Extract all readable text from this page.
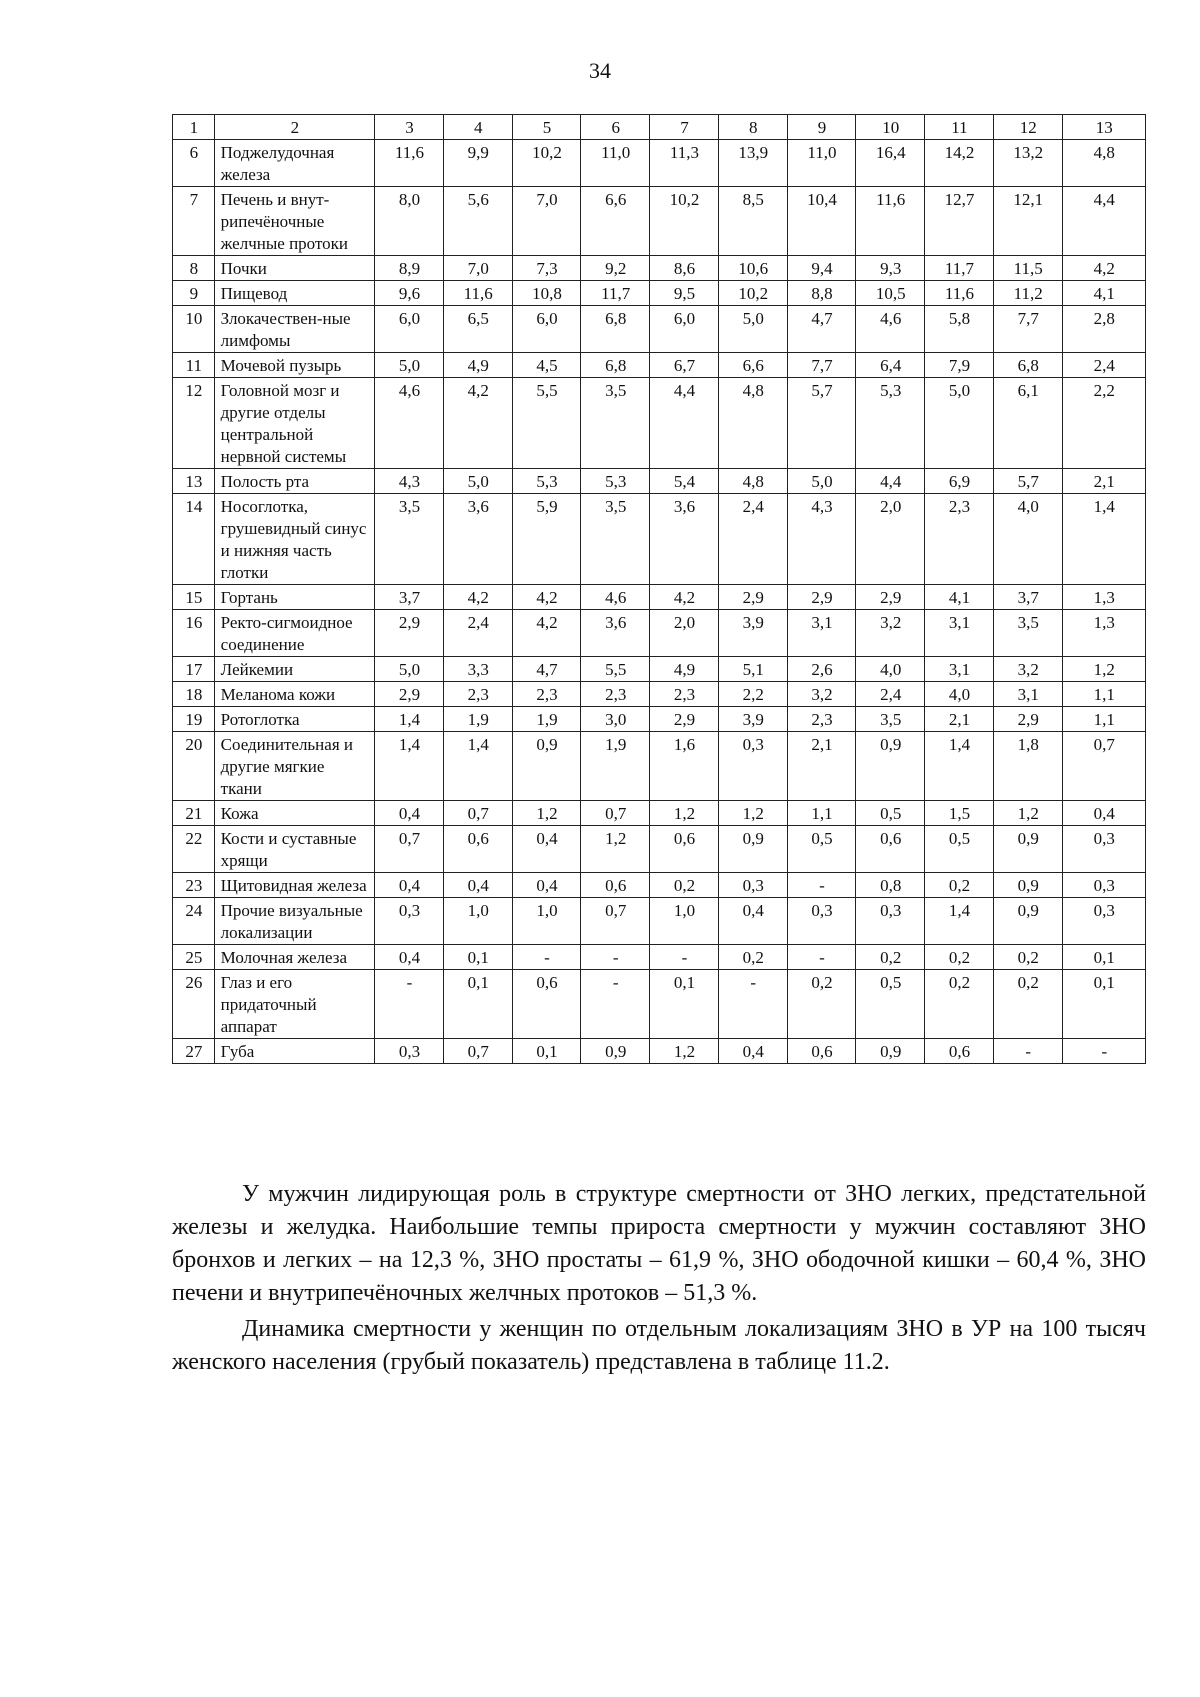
34
1	2	3	4	5	6	7	8	9	10	11	12	13
6	Поджелудочная железа	11,6	9,9	10,2	11,0	11,3	13,9	11,0	16,4	14,2	13,2	4,8
7	Печень и внут-рипечёночные желчные протоки	8,0	5,6	7,0	6,6	10,2	8,5	10,4	11,6	12,7	12,1	4,4
8	Почки	8,9	7,0	7,3	9,2	8,6	10,6	9,4	9,3	11,7	11,5	4,2
9	Пищевод	9,6	11,6	10,8	11,7	9,5	10,2	8,8	10,5	11,6	11,2	4,1
10	Злокачествен-ные лимфомы	6,0	6,5	6,0	6,8	6,0	5,0	4,7	4,6	5,8	7,7	2,8
11	Мочевой пузырь	5,0	4,9	4,5	6,8	6,7	6,6	7,7	6,4	7,9	6,8	2,4
12	Головной мозг и другие отделы центральной нервной системы	4,6	4,2	5,5	3,5	4,4	4,8	5,7	5,3	5,0	6,1	2,2
13	Полость рта	4,3	5,0	5,3	5,3	5,4	4,8	5,0	4,4	6,9	5,7	2,1
14	Носоглотка, грушевидный синус и нижняя часть глотки	3,5	3,6	5,9	3,5	3,6	2,4	4,3	2,0	2,3	4,0	1,4
15	Гортань	3,7	4,2	4,2	4,6	4,2	2,9	2,9	2,9	4,1	3,7	1,3
16	Ректо-сигмоидное соединение	2,9	2,4	4,2	3,6	2,0	3,9	3,1	3,2	3,1	3,5	1,3
17	Лейкемии	5,0	3,3	4,7	5,5	4,9	5,1	2,6	4,0	3,1	3,2	1,2
18	Меланома кожи	2,9	2,3	2,3	2,3	2,3	2,2	3,2	2,4	4,0	3,1	1,1
19	Ротоглотка	1,4	1,9	1,9	3,0	2,9	3,9	2,3	3,5	2,1	2,9	1,1
20	Соединительная и другие мягкие ткани	1,4	1,4	0,9	1,9	1,6	0,3	2,1	0,9	1,4	1,8	0,7
21	Кожа	0,4	0,7	1,2	0,7	1,2	1,2	1,1	0,5	1,5	1,2	0,4
22	Кости и суставные хрящи	0,7	0,6	0,4	1,2	0,6	0,9	0,5	0,6	0,5	0,9	0,3
23	Щитовидная железа	0,4	0,4	0,4	0,6	0,2	0,3	-	0,8	0,2	0,9	0,3
24	Прочие визуальные локализации	0,3	1,0	1,0	0,7	1,0	0,4	0,3	0,3	1,4	0,9	0,3
25	Молочная железа	0,4	0,1	-	-	-	0,2	-	0,2	0,2	0,2	0,1
26	Глаз и его придаточный аппарат	-	0,1	0,6	-	0,1	-	0,2	0,5	0,2	0,2	0,1
27	Губа	0,3	0,7	0,1	0,9	1,2	0,4	0,6	0,9	0,6	-	-

У мужчин лидирующая роль в структуре смертности от ЗНО легких, предстательной железы и желудка. Наибольшие темпы прироста смертности у мужчин составляют ЗНО бронхов и легких – на 12,3 %, ЗНО простаты – 61,9 %, ЗНО ободочной кишки – 60,4 %, ЗНО печени и внутрипечёночных желчных протоков – 51,3 %.

Динамика смертности у женщин по отдельным локализациям ЗНО в УР на 100 тысяч женского населения (грубый показатель) представлена в таблице 11.2.
